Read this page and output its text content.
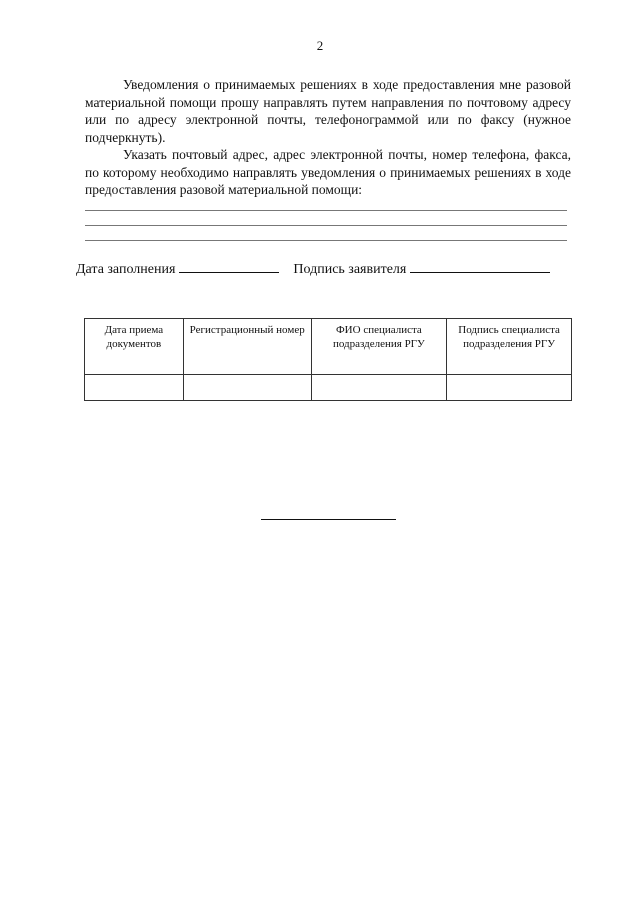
2

Уведомления о принимаемых решениях в ходе предоставления мне разовой материальной помощи прошу направлять путем направления по почтовому адресу или по адресу электронной почты, телефонограммой или по факсу (нужное подчеркнуть).

Указать почтовый адрес, адрес электронной почты, номер телефона, факса, по которому необходимо направлять уведомления о принимаемых решениях в ходе предоставления разовой материальной помощи:

Дата заполнения	Подпись заявителя
Дата приема документов	Регистрационный номер	ФИО специалиста подразделения РГУ	Подпись специалиста подразделения РГУ
